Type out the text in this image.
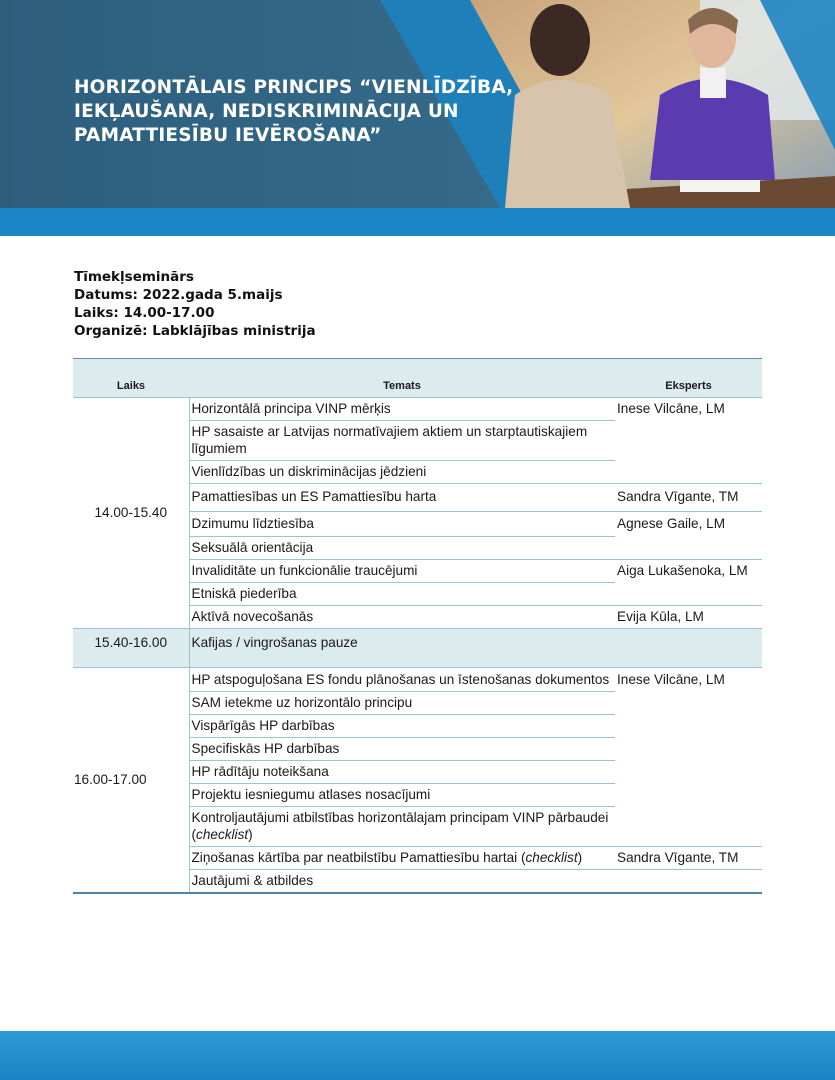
HORIZONTĀLAIS PRINCIPS “VIENLĪDZĪBA,
IEKĻAUŠANA, NEDISKRIMINĀCIJA UN
PAMATTIESĪBU IEVĒROŠANA”
Tīmekļseminārs
Datums: 2022.gada 5.maijs
Laiks: 14.00-17.00
Organizē: Labklājības ministrija
Laiks	Temats	Eksperts
14.00-15.40	Horizontālā principa VINP mērķis	Inese Vilcāne, LM
	HP sasaiste ar Latvijas normatīvajiem aktiem un starptautiskajiem līgumiem	
	Vienlīdzības un diskriminācijas jēdzieni	
	Pamattiesības un ES Pamattiesību harta	Sandra Vīgante, TM
	Dzimumu līdztiesība	Agnese Gaile, LM
	Seksuālā orientācija	
	Invaliditāte un funkcionālie traucējumi	Aiga Lukašenoka, LM
	Etniskā piederība	
	Aktīvā novecošanās	Evija Kūla, LM
15.40-16.00	Kafijas / vingrošanas pauze	
16.00-17.00	HP atspoguļošana ES fondu plānošanas un īstenošanas dokumentos	Inese Vilcāne, LM
	SAM ietekme uz horizontālo principu	
	Vispārīgās HP darbības	
	Specifiskās HP darbības	
	HP rādītāju noteikšana	
	Projektu iesniegumu atlases nosacījumi	
	Kontroljautājumi atbilstības horizontālajam principam VINP pārbaudei (checklist)	
	Ziņošanas kārtība par neatbilstību Pamattiesību hartai (checklist)	Sandra Vīgante, TM
	Jautājumi & atbildes	
